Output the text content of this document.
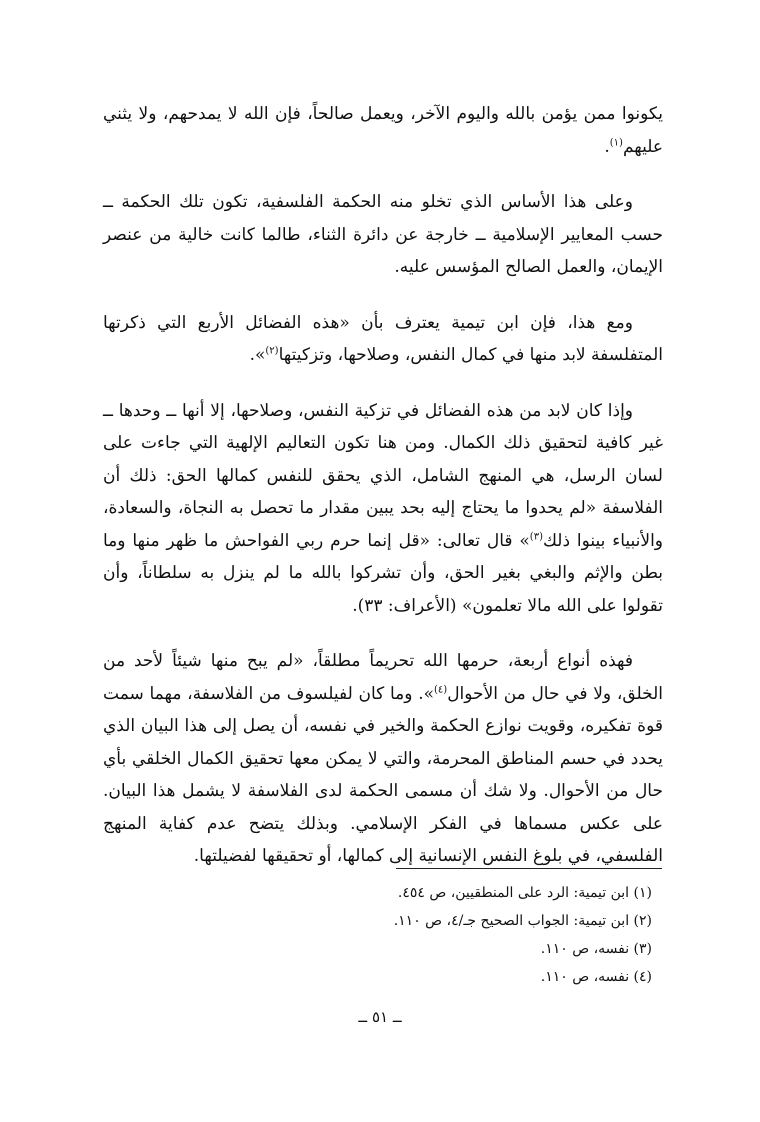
يكونوا ممن يؤمن بالله واليوم الآخر، ويعمل صالحاً، فإن الله لا يمدحهم، ولا يثني عليهم$^{(١)}$.

وعلى هذا الأساس الذي تخلو منه الحكمة الفلسفية، تكون تلك الحكمة ــ حسب المعايير الإسلامية ــ خارجة عن دائرة الثناء، طالما كانت خالية من عنصر الإيمان، والعمل الصالح المؤسس عليه.

ومع هذا، فإن ابن تيمية يعترف بأن «هذه الفضائل الأربع التي ذكرتها المتفلسفة لابد منها في كمال النفس، وصلاحها، وتزكيتها$^{(٢)}$».

وإذا كان لابد من هذه الفضائل في تزكية النفس، وصلاحها، إلا أنها ــ وحدها ــ غير كافية لتحقيق ذلك الكمال. ومن هنا تكون التعاليم الإلهية التي جاءت على لسان الرسل، هي المنهج الشامل، الذي يحقق للنفس كمالها الحق: ذلك أن الفلاسفة «لم يحدوا ما يحتاج إليه بحد يبين مقدار ما تحصل به النجاة، والسعادة، والأنبياء بينوا ذلك$^{(٣)}$» قال تعالى: «قل إنما حرم ربي الفواحش ما ظهر منها وما بطن والإثم والبغي بغير الحق، وأن تشركوا بالله ما لم ينزل به سلطاناً، وأن تقولوا على الله مالا تعلمون» (الأعراف: ٣٣).

فهذه أنواع أربعة، حرمها الله تحريماً مطلقاً، «لم يبح منها شيئاً لأحد من الخلق، ولا في حال من الأحوال$^{(٤)}$». وما كان لفيلسوف من الفلاسفة، مهما سمت قوة تفكيره، وقويت نوازع الحكمة والخير في نفسه، أن يصل إلى هذا البيان الذي يحدد في حسم المناطق المحرمة، والتي لا يمكن معها تحقيق الكمال الخلقي بأي حال من الأحوال. ولا شك أن مسمى الحكمة لدى الفلاسفة لا يشمل هذا البيان. على عكس مسماها في الفكر الإسلامي. وبذلك يتضح عدم كفاية المنهج الفلسفي، في بلوغ النفس الإنسانية إلى كمالها، أو تحقيقها لفضيلتها.

(١) ابن تيمية: الرد على المنطقيين، ص ٤٥٤.

(٢) ابن تيمية: الجواب الصحيح جـ/٤، ص ١١٠.

(٣) نفسه، ص ١١٠.

(٤) نفسه، ص ١١٠.

ــ ٥١ ــ
